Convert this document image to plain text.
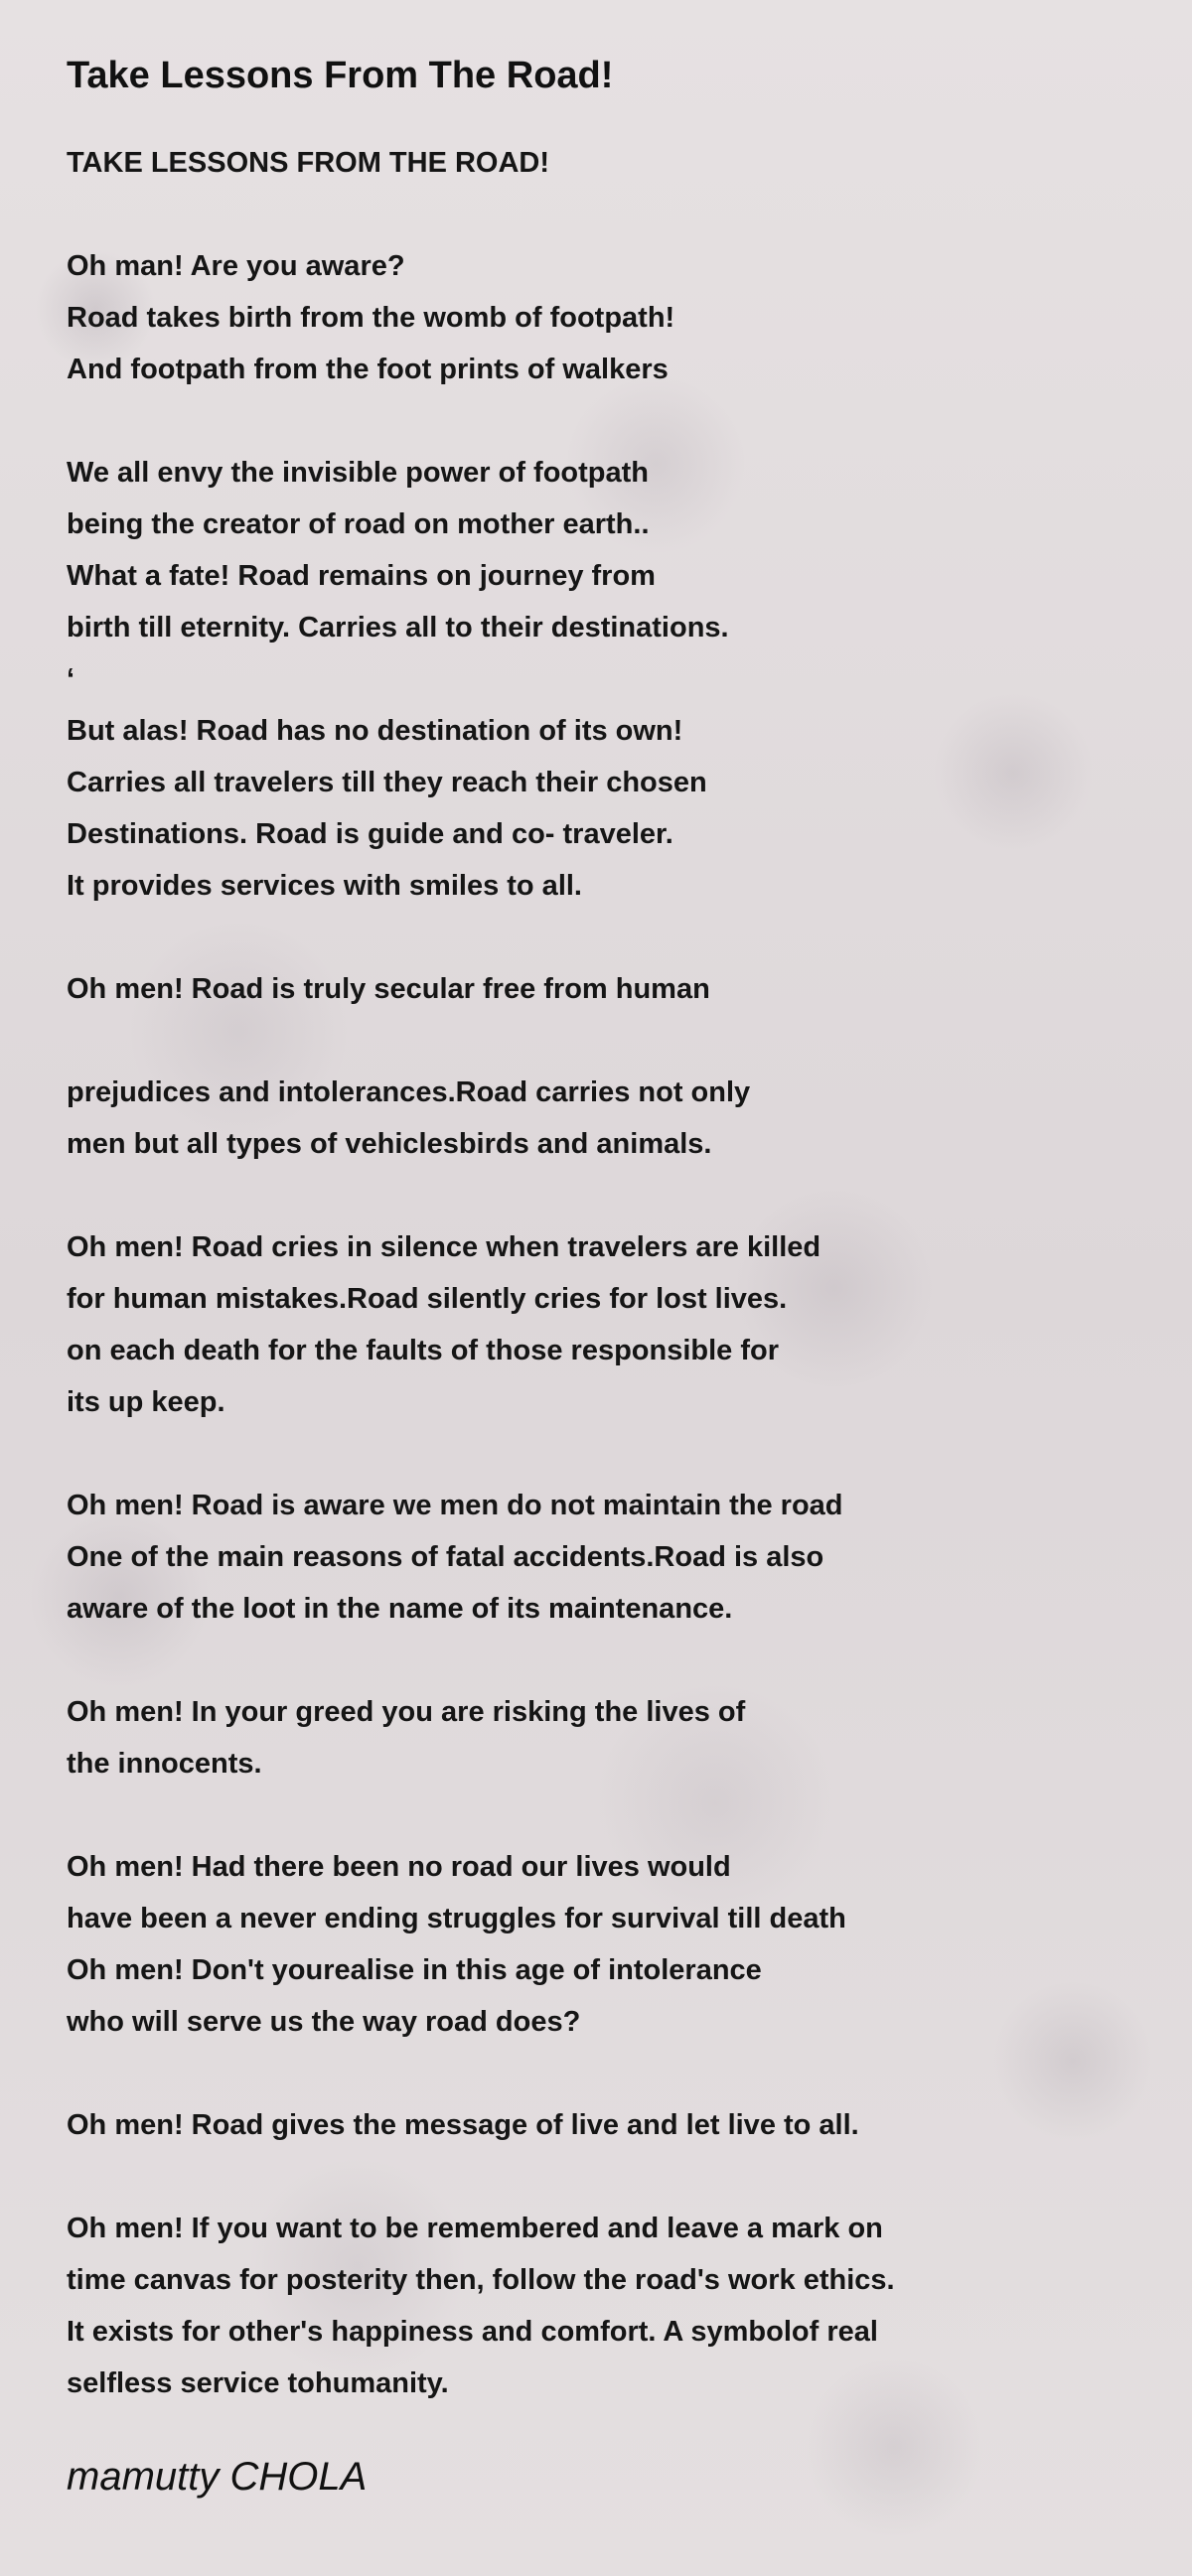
Take Lessons From The Road!
TAKE LESSONS FROM THE ROAD!
Oh man! Are you aware?
Road takes birth from the womb of footpath!
And footpath from the foot prints of walkers
We all envy the invisible power of footpath
being the creator of road on mother earth..
What a fate! Road remains on journey from
birth till eternity. Carries all to their destinations.
‘
But alas! Road has no destination of its own!
Carries all travelers till they reach their chosen
Destinations. Road is guide and co- traveler.
It provides services with smiles to all.
Oh men! Road is truly secular free from human
prejudices and intolerances.Road carries not only
men but all types of vehiclesbirds and animals.
Oh men! Road cries in silence when travelers are killed
for human mistakes.Road silently cries for lost lives.
on each death for the faults of those responsible for
its up keep.
Oh men! Road is aware we men do not maintain the road
One of the main reasons of fatal accidents.Road is also
aware of the loot in the name of its maintenance.
Oh men! In your greed you are risking the lives of
the innocents.
Oh men! Had there been no road our lives would
have been a never ending struggles for survival till death
Oh men! Don't yourealise in this age of intolerance
who will serve us the way road does?
Oh men! Road gives the message of live and let live to all.
Oh men! If you want to be remembered and leave a mark on
time canvas for posterity then, follow the road's work ethics.
It exists for other's happiness and comfort. A symbolof real
selfless service tohumanity.
mamutty CHOLA
